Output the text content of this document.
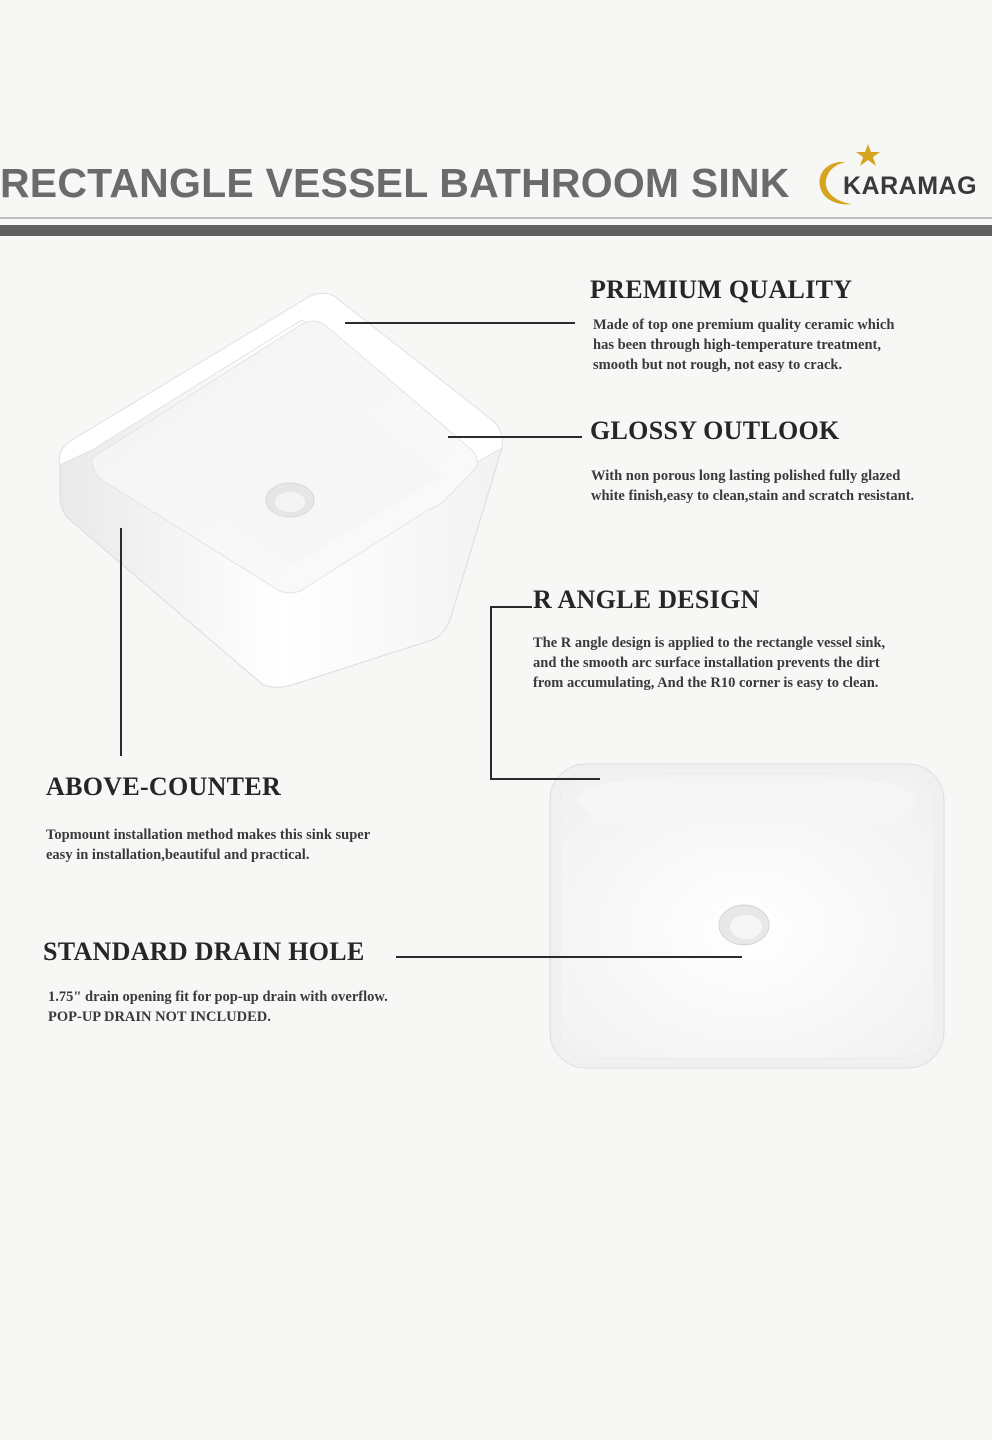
RECTANGLE VESSEL BATHROOM SINK KARAMAG
PREMIUM QUALITY
Made of top one premium quality ceramic which
has been through high-temperature treatment,
smooth but not rough, not easy to crack.
GLOSSY OUTLOOK
With non porous long lasting polished fully glazed
white finish,easy to clean,stain and scratch resistant.
R ANGLE DESIGN
The R angle design is applied to the rectangle vessel sink,
and the smooth arc surface installation prevents the dirt
from accumulating, And the R10 corner is easy to clean.
ABOVE-COUNTER
Topmount installation method makes this sink super
easy in installation,beautiful and practical.
STANDARD DRAIN HOLE
1.75" drain opening fit for pop-up drain with overflow.
POP-UP DRAIN NOT INCLUDED.
